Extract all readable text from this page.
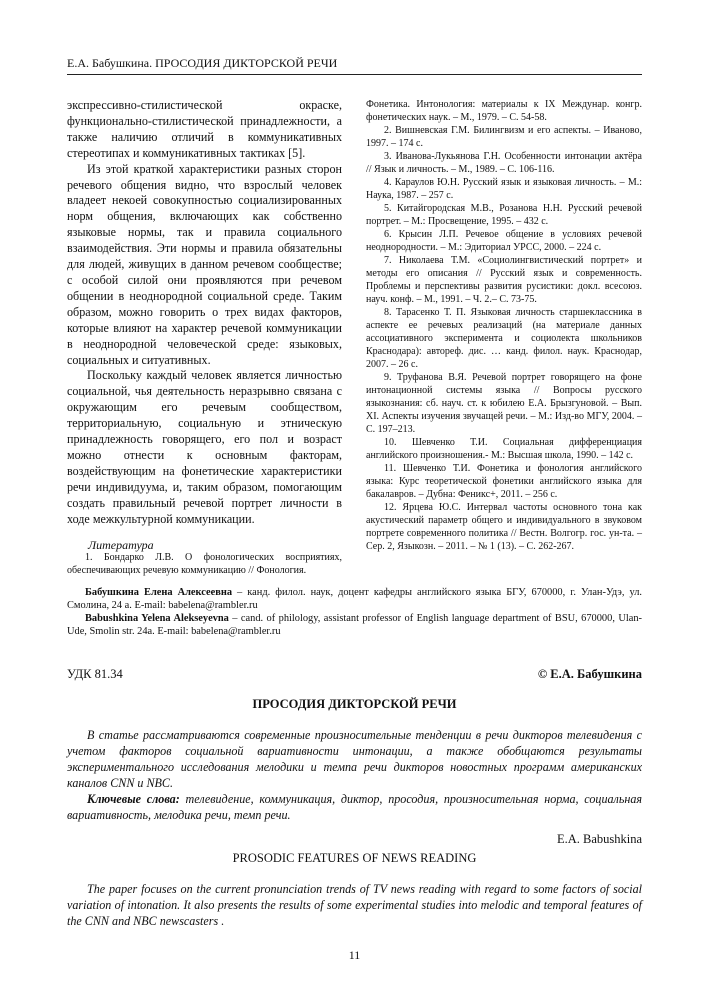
Е.А. Бабушкина. ПРОСОДИЯ ДИКТОРСКОЙ РЕЧИ

экспрессивно-стилистической окраске, функционально-стилистической принадлежности, а также наличию отличий в коммуникативных стереотипах и коммуникативных тактиках [5].

Из этой краткой характеристики разных сторон речевого общения видно, что взрослый человек владеет некоей совокупностью социализированных норм общения, включающих как собственно языковые нормы, так и правила социального взаимодействия. Эти нормы и правила обязательны для людей, живущих в данном речевом сообществе; с особой силой они проявляются при речевом общении в неоднородной социальной среде. Таким образом, можно говорить о трех видах факторов, которые влияют на характер речевой коммуникации в неоднородной человеческой среде: языковых, социальных и ситуативных.

Поскольку каждый человек является личностью социальной, чья деятельность неразрывно связана с окружающим его речевым сообществом, территориальную, социальную и этническую принадлежность говорящего, его пол и возраст можно отнести к основным факторам, воздействующим на фонетические характеристики речи индивидуума, и, таким образом, помогающим создать правильный речевой портрет личности в ходе межкультурной коммуникации.

Литература
1. Бондарко Л.В. О фонологических восприятиях, обеспечивающих речевую коммуникацию // Фонология.

Фонетика. Интонология: материалы к IX Междунар. конгр. фонетических наук. – М., 1979. – С. 54-58.

2. Вишневская Г.М. Билингвизм и его аспекты. – Иваново, 1997. – 174 с.

3. Иванова-Лукьянова Г.Н. Особенности интонации актёра // Язык и личность. – М., 1989. – С. 106-116.

4. Караулов Ю.Н. Русский язык и языковая личность. – М.: Наука, 1987. – 257 с.

5. Китайгородская М.В., Розанова Н.Н. Русский речевой портрет. – М.: Просвещение, 1995. – 432 с.

6. Крысин Л.П. Речевое общение в условиях речевой неоднородности. – М.: Эдиториал УРСС, 2000. – 224 с.

7. Николаева Т.М. «Социолингвистический портрет» и методы его описания // Русский язык и современность. Проблемы и перспективы развития русистики: докл. всесоюз. науч. конф. – М., 1991. – Ч. 2.– С. 73-75.

8. Тарасенко Т. П. Языковая личность старшеклассника в аспекте ее речевых реализаций (на материале данных ассоциативного эксперимента и социолекта школьников Краснодара): автореф. дис. … канд. филол. наук. Краснодар, 2007. – 26 с.

9. Труфанова В.Я. Речевой портрет говорящего на фоне интонационной системы языка // Вопросы русского языкознания: сб. науч. ст. к юбилею Е.А. Брызгуновой. – Вып. XI. Аспекты изучения звучащей речи. – М.: Изд-во МГУ, 2004. – С. 197–213.

10. Шевченко Т.И. Социальная дифференциация английского произношения.- М.: Высшая школа, 1990. – 142 с.

11. Шевченко Т.И. Фонетика и фонология английского языка: Курс теоретической фонетики английского языка для бакалавров. – Дубна: Феникс+, 2011. – 256 с.

12. Ярцева Ю.С. Интервал частоты основного тона как акустический параметр общего и индивидуального в звуковом портрете современного политика // Вестн. Волгогр. гос. ун-та. – Сер. 2, Языкозн. – 2011. – № 1 (13). – С. 262-267.

Бабушкина Елена Алексеевна – канд. филол. наук, доцент кафедры английского языка БГУ, 670000, г. Улан-Удэ, ул. Смолина, 24 а. E-mail: babelena@rambler.ru

Babushkina Yelena Alekseyevna – cand. of philology, assistant professor of English language department of BSU, 670000, Ulan-Ude, Smolin str. 24a. E-mail: babelena@rambler.ru

УДК 81.34	© Е.А. Бабушкина
ПРОСОДИЯ ДИКТОРСКОЙ РЕЧИ

В статье рассматриваются современные произносительные тенденции в речи дикторов телевидения с учетом факторов социальной вариативности интонации, а также обобщаются результаты экспериментального исследования мелодики и темпа речи дикторов новостных программ американских каналов CNN и NBC.

Ключевые слова: телевидение, коммуникация, диктор, просодия, произносительная норма, социальная вариативность, мелодика речи, темп речи.

E.A. Babushkina
PROSODIC FEATURES OF NEWS READING
The paper focuses on the current pronunciation trends of TV news reading with regard to some factors of social variation of intonation. It also presents the results of some experimental studies into melodic and temporal features of the CNN and NBC newscasters .
11
